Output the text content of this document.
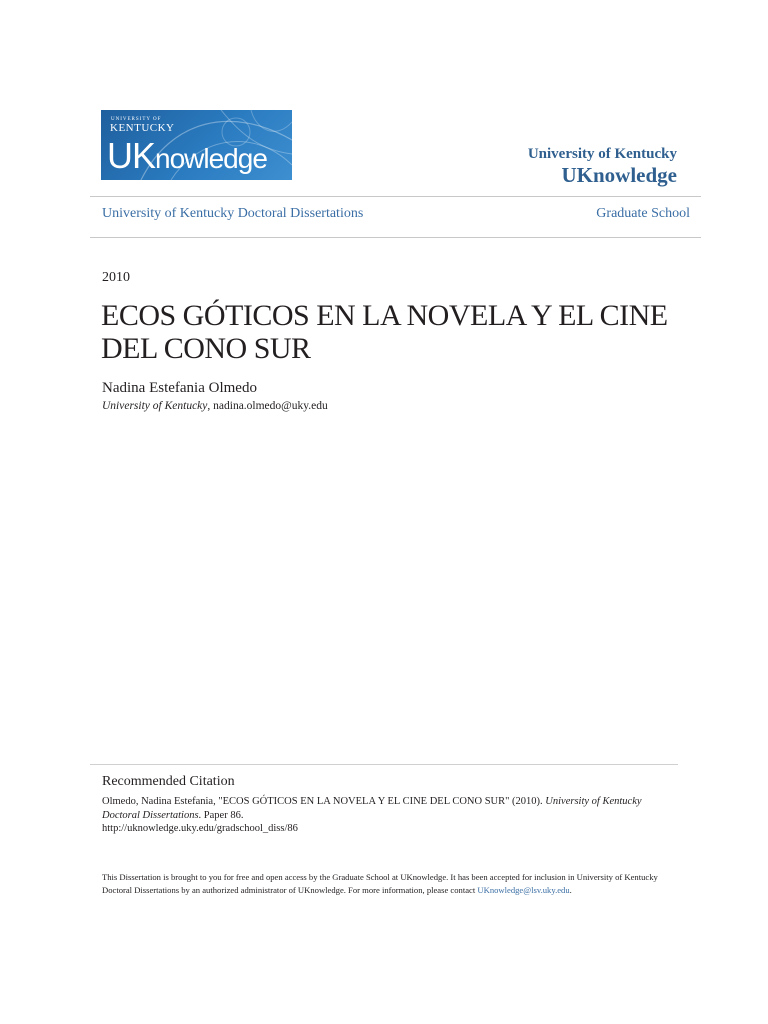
UNIVERSITY OF
KENTUCKY
UKnowledge	University of Kentucky
UKnowledge
University of Kentucky Doctoral Dissertations	Graduate School
2010
ECOS GÓTICOS EN LA NOVELA Y EL CINE DEL CONO SUR
Nadina Estefania Olmedo
University of Kentucky, nadina.olmedo@uky.edu
Recommended Citation
Olmedo, Nadina Estefania, "ECOS GÓTICOS EN LA NOVELA Y EL CINE DEL CONO SUR" (2010). University of Kentucky Doctoral Dissertations. Paper 86.
http://uknowledge.uky.edu/gradschool_diss/86
This Dissertation is brought to you for free and open access by the Graduate School at UKnowledge. It has been accepted for inclusion in University of Kentucky Doctoral Dissertations by an authorized administrator of UKnowledge. For more information, please contact UKnowledge@lsv.uky.edu.
